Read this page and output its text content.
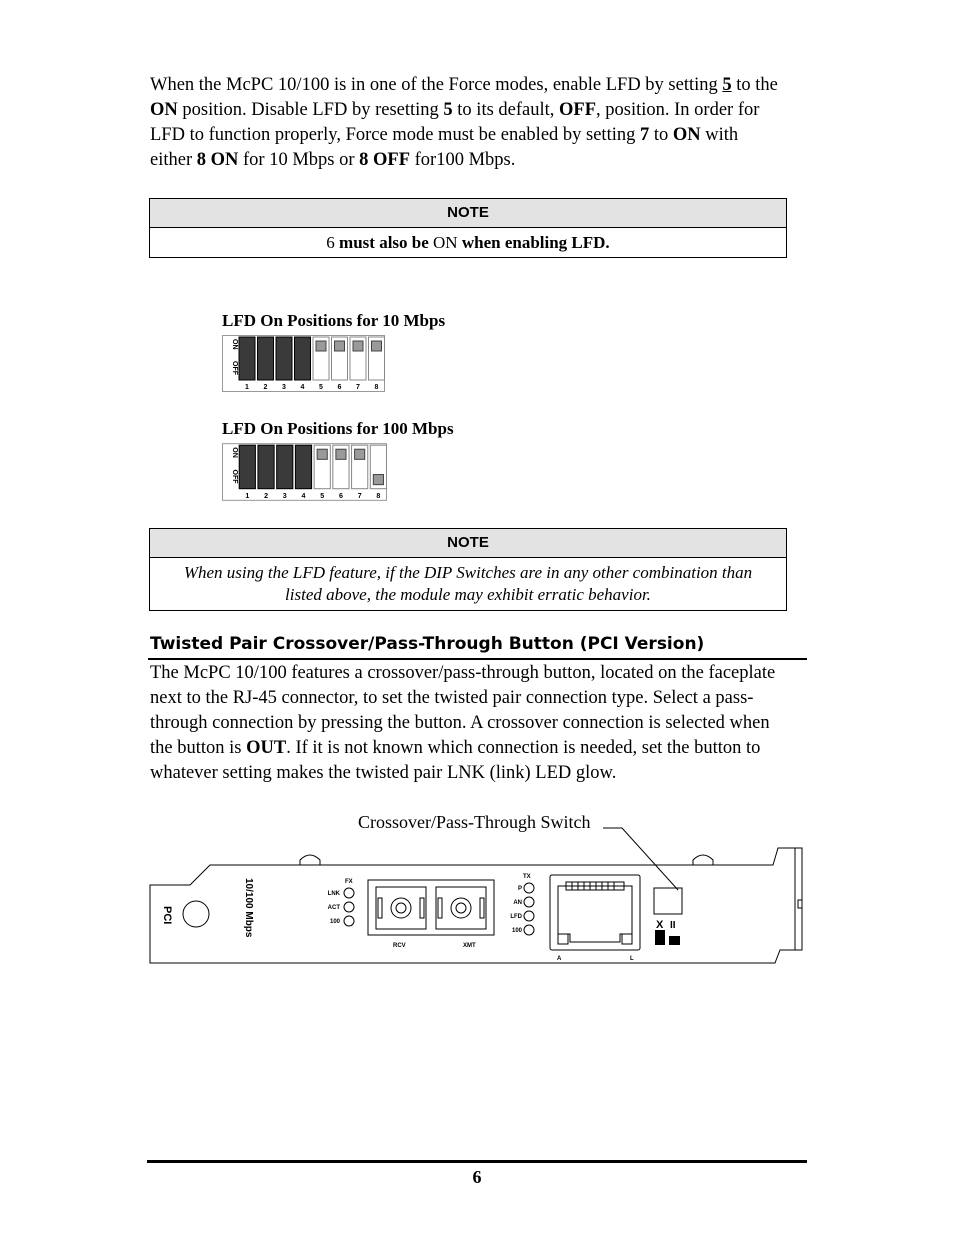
When the McPC 10/100 is in one of the Force modes, enable LFD by setting 5 to the
ON position. Disable LFD by resetting 5 to its default, OFF, position. In order for
LFD to function properly, Force mode must be enabled by setting 7 to ON with
either 8 ON for 10 Mbps or 8 OFF for100 Mbps.
NOTE
6 must also be ON when enabling LFD.
LFD On Positions for 10 Mbps
ON
OFF
1 2 3 4 5 6 7 8
LFD On Positions for 100 Mbps
ON
OFF
1 2 3 4 5 6 7 8
NOTE
When using the LFD feature, if the DIP Switches are in any other combination than
listed above, the module may exhibit erratic behavior.
Twisted Pair Crossover/Pass-Through Button (PCI Version)
The McPC 10/100 features a crossover/pass-through button, located on the faceplate
next to the RJ-45 connector, to set the twisted pair connection type. Select a pass-
through connection by pressing the button. A crossover connection is selected when
the button is OUT. If it is not known which connection is needed, set the button to
whatever setting makes the twisted pair LNK (link) LED glow.
Crossover/Pass-Through Switch
PCI	10/100 Mbps	FX
LNK
ACT
100
RCV	XMT
TX
P
AN
LFD
100
A	L
X II
6
